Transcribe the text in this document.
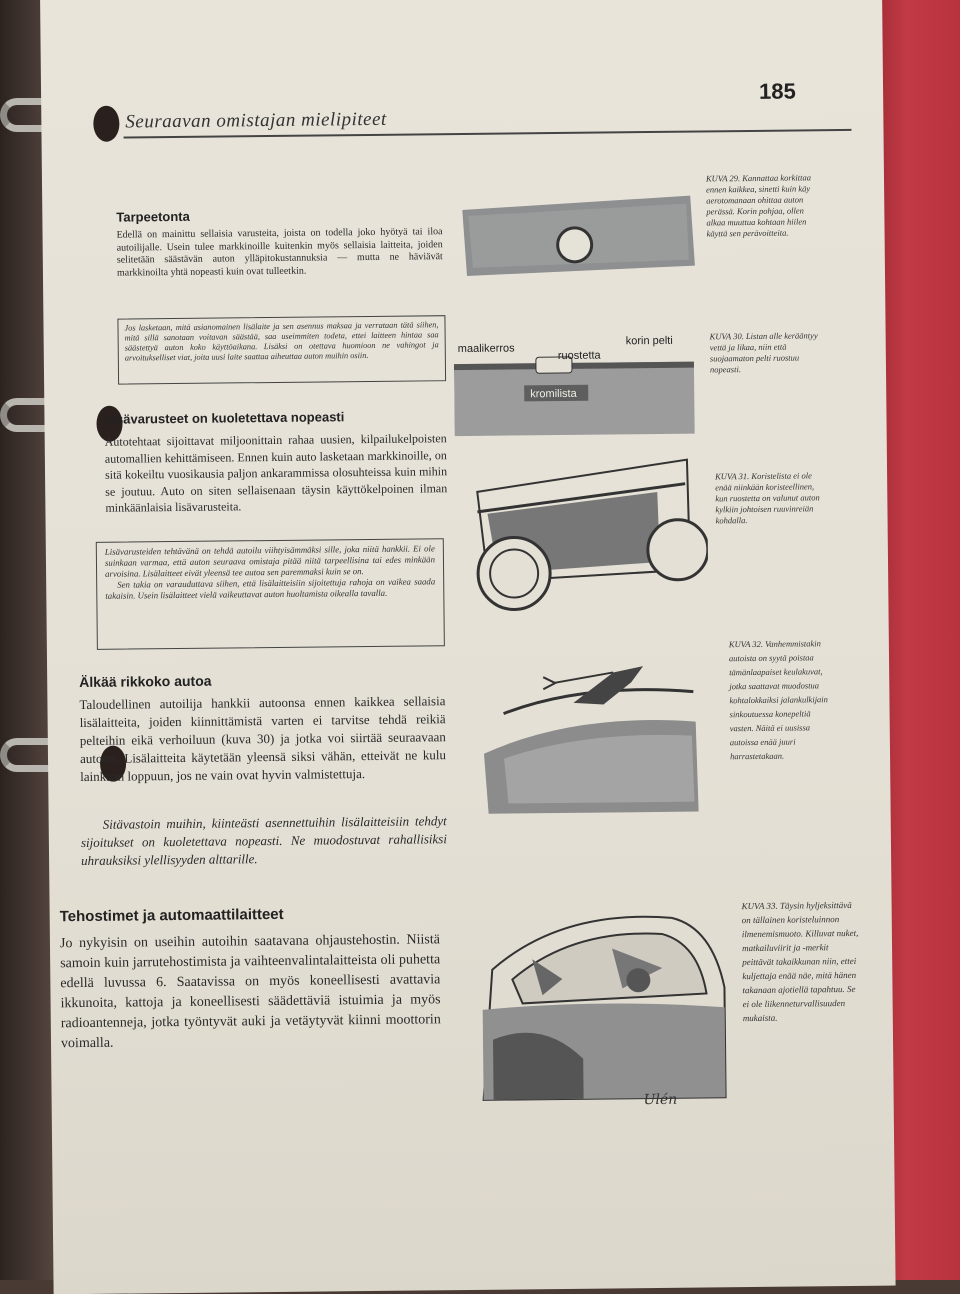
185
Seuraavan omistajan mielipiteet
Tarpeetonta
Edellä on mainittu sellaisia varusteita, joista on todella joko hyötyä tai iloa autoilijalle. Usein tulee markkinoille kuitenkin myös sellaisia laitteita, joiden selitetään säästävän auton ylläpitokustannuksia — mutta ne häviävät markkinoilta yhtä nopeasti kuin ovat tulleetkin.
Jos lasketaan, mitä asianomainen lisälaite ja sen asennus maksaa ja verrataan tätä siihen, mitä sillä sanotaan voitavan säästää, saa useimmiten todeta, ettei laitteen hintaa saa säästettyä auton koko käyttöaikana. Lisäksi on otettava huomioon ne vahingot ja arvoitukselliset viat, joita uusi laite saattaa aiheuttaa auton muihin osiin.
Lisävarusteet on kuoletettava nopeasti
Autotehtaat sijoittavat miljoonittain rahaa uusien, kilpailukelpoisten automallien kehittämiseen. Ennen kuin auto lasketaan markkinoille, on sitä kokeiltu vuosikausia paljon ankarammissa olosuhteissa kuin mihin se joutuu. Auto on siten sellaisenaan täysin käyttökelpoinen ilman minkäänlaisia lisävarusteita.
Lisävarusteiden tehtävänä on tehdä autoilu viihtyisämmäksi sille, joka niitä hankkii. Ei ole suinkaan varmaa, että auton seuraava omistaja pitää niitä tarpeellisina tai edes minkään arvoisina. Lisälaitteet eivät yleensä tee autoa sen paremmaksi kuin se on.
Sen takia on varauduttava siihen, että lisälaitteisiin sijoitettuja rahoja on vaikea saada takaisin. Usein lisälaitteet vielä vaikeuttavat auton huoltamista oikealla tavalla.
Älkää rikkoko autoa
Taloudellinen autoilija hankkii autoonsa ennen kaikkea sellaisia lisälaitteita, joiden kiinnittämistä varten ei tarvitse tehdä reikiä pelteihin eikä verhoiluun (kuva 30) ja jotka voi siirtää seuraavaan autoon. Lisälaitteita käytetään yleensä siksi vähän, etteivät ne kulu lainkaan loppuun, jos ne vain ovat hyvin valmistettuja.
Sitävastoin muihin, kiinteästi asennettuihin lisälaitteisiin tehdyt sijoitukset on kuoletettava nopeasti. Ne muodostuvat rahallisiksi uhrauksiksi ylellisyyden alttarille.
Tehostimet ja automaattilaitteet
Jo nykyisin on useihin autoihin saatavana ohjaustehostin. Niistä samoin kuin jarrutehostimista ja vaihteenvalintalaitteista oli puhetta edellä luvussa 6. Saatavissa on myös koneellisesti avattavia ikkunoita, kattoja ja koneellisesti säädettäviä istuimia ja myös radioantenneja, jotka työntyvät auki ja vetäytyvät kiinni moottorin voimalla.
KUVA 29. Kannattaa korkittaa ennen kaikkea, sinetti kuin käy aerotomanaan ohittaa auton perässä. Korin pohjaa, ollen alkaa muuttua kohtaan hiilen käyttä sen perävoitteita.
maalikerros
ruostetta
korin pelti
kromilista
KUVA 30. Listan alle kerääntyy vettä ja likaa, niin että suojaamaton pelti ruostuu nopeasti.
KUVA 31. Koristelista ei ole enää niinkään koristeellinen, kun ruostetta on valunut auton kylkiin johtoisen ruuvinreiän kohdalla.
KUVA 32. Vanhemmistakin autoista on syytä poistaa tämänlaapaiset keulakuvat, jotka saattavat muodostua kohtalokkaiksi jalankulkijain sinkoutuessa konepeltiä vasten. Näitä ei uusissa autoissa enää juuri harrastetakaan.
Ulén
KUVA 33. Täysin hyljeksittävä on tällainen koristeluinnon ilmenemismuoto. Killuvat nuket, matkailuviirit ja -merkit peittävät takaikkunan niin, ettei kuljettaja enää näe, mitä hänen takanaan ajotiellä tapahtuu. Se ei ole liikenneturvallisuuden mukaista.
